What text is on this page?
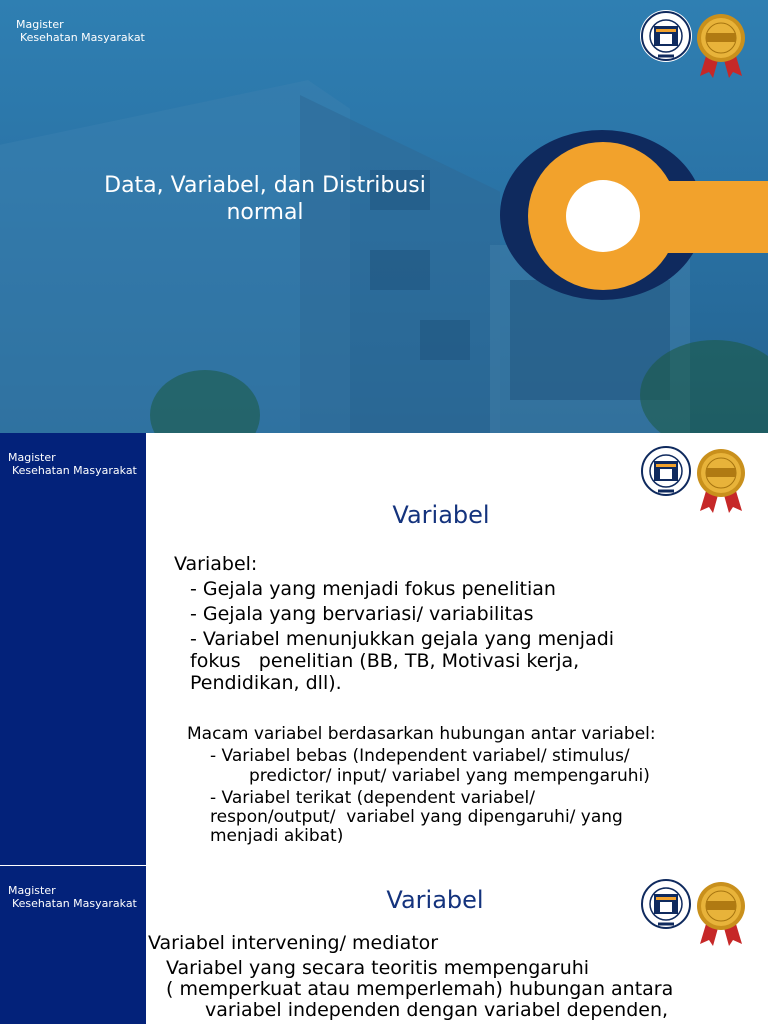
Magister
Kesehatan Masyarakat
Data, Variabel, dan Distribusi
normal
Magister
Kesehatan Masyarakat
Variabel
Variabel:
- Gejala yang menjadi fokus penelitian
- Gejala yang bervariasi/ variabilitas
- Variabel menunjukkan gejala yang menjadi
fokus   penelitian (BB, TB, Motivasi kerja,
Pendidikan, dll).
Macam variabel berdasarkan hubungan antar variabel:
- Variabel bebas (Independent variabel/ stimulus/
predictor/ input/ variabel yang mempengaruhi)
- Variabel terikat (dependent variabel/
respon/output/  variabel yang dipengaruhi/ yang
menjadi akibat)
Magister
Kesehatan Masyarakat	Variabel
Variabel intervening/ mediator
Variabel yang secara teoritis mempengaruhi
( memperkuat atau memperlemah) hubungan antara
variabel independen dengan variabel dependen,
